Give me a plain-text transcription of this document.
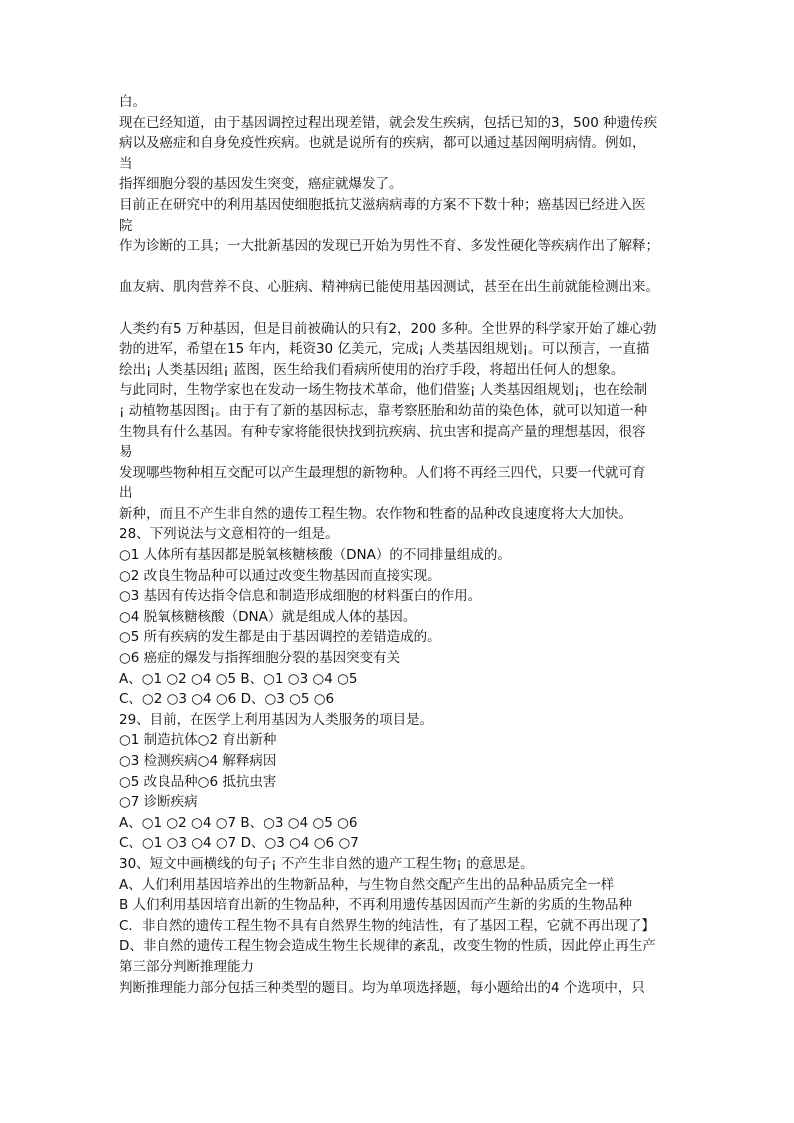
白。
现在已经知道，由于基因调控过程出现差错，就会发生疾病，包括已知的3，500 种遗传疾
病以及癌症和自身免疫性疾病。也就是说所有的疾病，都可以通过基因阐明病情。例如，
当
指挥细胞分裂的基因发生突变，癌症就爆发了。
目前正在研究中的利用基因使细胞抵抗艾滋病病毒的方案不下数十种；癌基因已经进入医
院
作为诊断的工具；一大批新基因的发现已开始为男性不育、多发性硬化等疾病作出了解释；
血友病、肌肉营养不良、心脏病、精神病已能使用基因测试，甚至在出生前就能检测出来。
人类约有5 万种基因，但是目前被确认的只有2，200 多种。全世界的科学家开始了雄心勃
勃的进军，希望在15 年内，耗资30 亿美元，完成¡ 人类基因组规划¡。可以预言，一直描
绘出¡ 人类基因组¡ 蓝图，医生给我们看病所使用的治疗手段，将超出任何人的想象。
与此同时，生物学家也在发动一场生物技术革命，他们借鉴¡ 人类基因组规划¡，也在绘制
¡ 动植物基因图¡。由于有了新的基因标志，靠考察胚胎和幼苗的染色体，就可以知道一种
生物具有什么基因。有种专家将能很快找到抗疾病、抗虫害和提高产量的理想基因，很容
易
发现哪些物种相互交配可以产生最理想的新物种。人们将不再经三四代，只要一代就可育
出
新种，而且不产生非自然的遗传工程生物。农作物和牲畜的品种改良速度将大大加快。
28、下列说法与文意相符的一组是。
○1 人体所有基因都是脱氧核糖核酸（DNA）的不同排量组成的。
○2 改良生物品种可以通过改变生物基因而直接实现。
○3 基因有传达指令信息和制造形成细胞的材料蛋白的作用。
○4 脱氧核糖核酸（DNA）就是组成人体的基因。
○5 所有疾病的发生都是由于基因调控的差错造成的。
○6 癌症的爆发与指挥细胞分裂的基因突变有关
A、○1 ○2 ○4 ○5 B、○1 ○3 ○4 ○5
C、○2 ○3 ○4 ○6 D、○3 ○5 ○6
29、目前，在医学上利用基因为人类服务的项目是。
○1 制造抗体○2 育出新种
○3 检测疾病○4 解释病因
○5 改良品种○6 抵抗虫害
○7 诊断疾病
A、○1 ○2 ○4 ○7 B、○3 ○4 ○5 ○6
C、○1 ○3 ○4 ○7 D、○3 ○4 ○6 ○7
30、短文中画横线的句子¡ 不产生非自然的遗产工程生物¡ 的意思是。
A、人们利用基因培养出的生物新品种，与生物自然交配产生出的品种品质完全一样
B 人们利用基因培育出新的生物品种，不再利用遗传基因因而产生新的劣质的生物品种
C．非自然的遗传工程生物不具有自然界生物的纯洁性，有了基因工程，它就不再出现了】
D、非自然的遗传工程生物会造成生物生长规律的紊乱，改变生物的性质，因此停止再生产
第三部分判断推理能力
判断推理能力部分包括三种类型的题目。均为单项选择题，每小题给出的4 个选项中，只
